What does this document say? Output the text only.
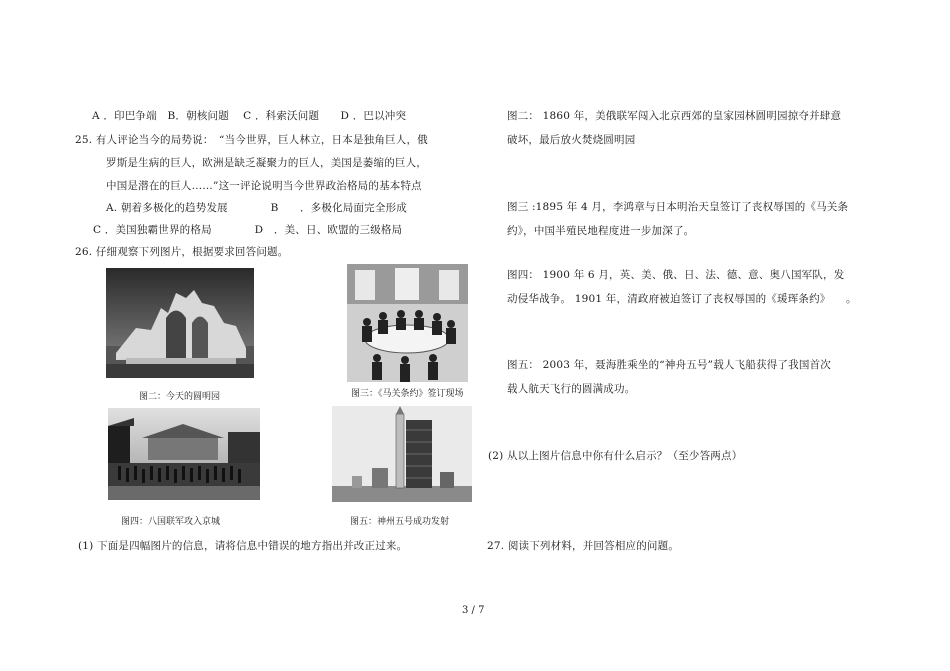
A ．印巴争端　B．朝核问题　 C ．科索沃问题　　D ．巴以冲突
25. 有人评论当今的局势说：　“当今世界，巨人林立，日本是独角巨人，俄
罗斯是生病的巨人，欧洲是缺乏凝聚力的巨人，美国是萎缩的巨人，
中国是潜在的巨人……”这一评论说明当今世界政治格局的基本特点
A. 朝着多极化的趋势发展　　　　B　　．多极化局面完全形成
C ．美国独霸世界的格局　　　　D　．美、日、欧盟的三级格局
26. 仔细观察下列图片，根据要求回答问题。
图二：今天的圆明园	图三：《马关条约》签订现场
图四：八国联军攻入京城	图五：神州五号成功发射
(1) 下面是四幅图片的信息，请将信息中错误的地方指出并改正过来。
图二： 1860 年，美俄联军闯入北京西郊的皇家园林圆明园掠夺并肆意
破坏，最后放火焚烧圆明园
图三 :1895 年 4 月，李鸿章与日本明治天皇签订了丧权辱国的《马关条
约》，中国半殖民地程度进一步加深了。
图四： 1900 年 6 月，英、美、俄、日、法、德、意、奥八国军队，发
动侵华战争。 1901 年，清政府被迫签订了丧权辱国的《瑗珲条约》 。
图五： 2003 年，聂海胜乘坐的“神舟五号”载人飞船获得了我国首次
载人航天飞行的圆满成功。
(2) 从以上图片信息中你有什么启示？（至少答两点）
27. 阅读下列材料，并回答相应的问题。
3 / 7
